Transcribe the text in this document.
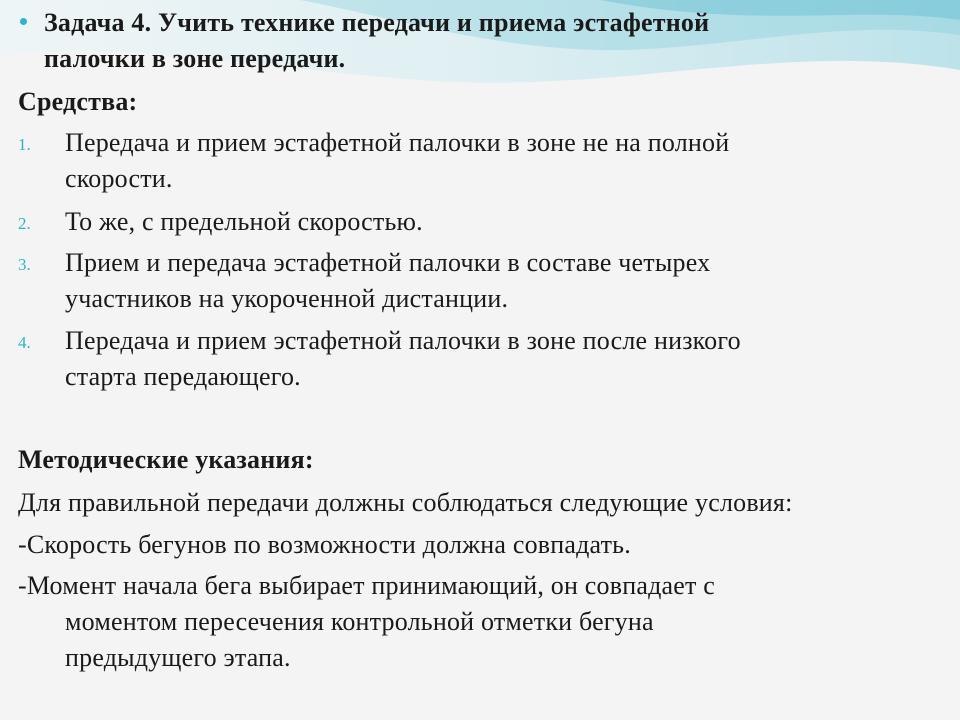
Задача 4. Учить технике передачи и приема эстафетной
палочки в зоне передачи.
Средства:
1. Передача и прием эстафетной палочки в зоне не на полной
скорости.
2. То же, с предельной скоростью.
3. Прием и передача эстафетной палочки в составе четырех
участников на укороченной дистанции.
4. Передача и прием эстафетной палочки в зоне после низкого
старта передающего.
Методические указания:
Для правильной передачи должны соблюдаться следующие условия:
-Скорость бегунов по возможности должна совпадать.
-Момент начала бега выбирает принимающий, он совпадает с
моментом пересечения контрольной отметки бегуна
предыдущего этапа.
